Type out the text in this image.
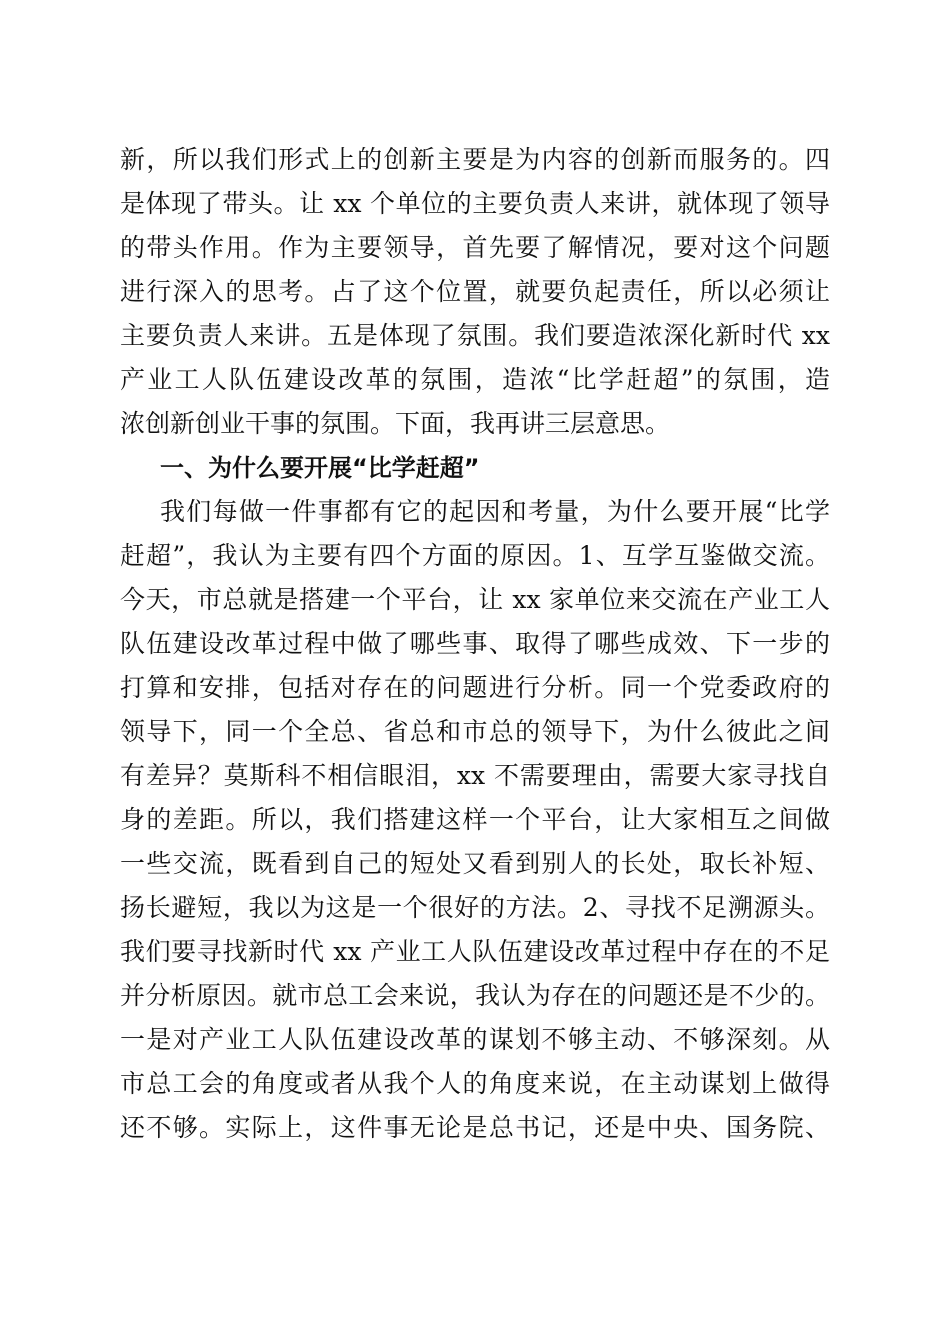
新，所以我们形式上的创新主要是为内容的创新而服务的。四
是体现了带头。让 xx 个单位的主要负责人来讲，就体现了领导
的带头作用。作为主要领导，首先要了解情况，要对这个问题
进行深入的思考。占了这个位置，就要负起责任，所以必须让
主要负责人来讲。五是体现了氛围。我们要造浓深化新时代 xx
产业工人队伍建设改革的氛围，造浓“比学赶超”的氛围，造
浓创新创业干事的氛围。下面，我再讲三层意思。
一、为什么要开展“比学赶超”
我们每做一件事都有它的起因和考量，为什么要开展“比学
赶超”，我认为主要有四个方面的原因。1、互学互鉴做交流。
今天，市总就是搭建一个平台，让 xx 家单位来交流在产业工人
队伍建设改革过程中做了哪些事、取得了哪些成效、下一步的
打算和安排，包括对存在的问题进行分析。同一个党委政府的
领导下，同一个全总、省总和市总的领导下，为什么彼此之间
有差异？莫斯科不相信眼泪，xx 不需要理由，需要大家寻找自
身的差距。所以，我们搭建这样一个平台，让大家相互之间做
一些交流，既看到自己的短处又看到别人的长处，取长补短、
扬长避短，我以为这是一个很好的方法。2、寻找不足溯源头。
我们要寻找新时代 xx 产业工人队伍建设改革过程中存在的不足
并分析原因。就市总工会来说，我认为存在的问题还是不少的。
一是对产业工人队伍建设改革的谋划不够主动、不够深刻。从
市总工会的角度或者从我个人的角度来说，在主动谋划上做得
还不够。实际上，这件事无论是总书记，还是中央、国务院、
